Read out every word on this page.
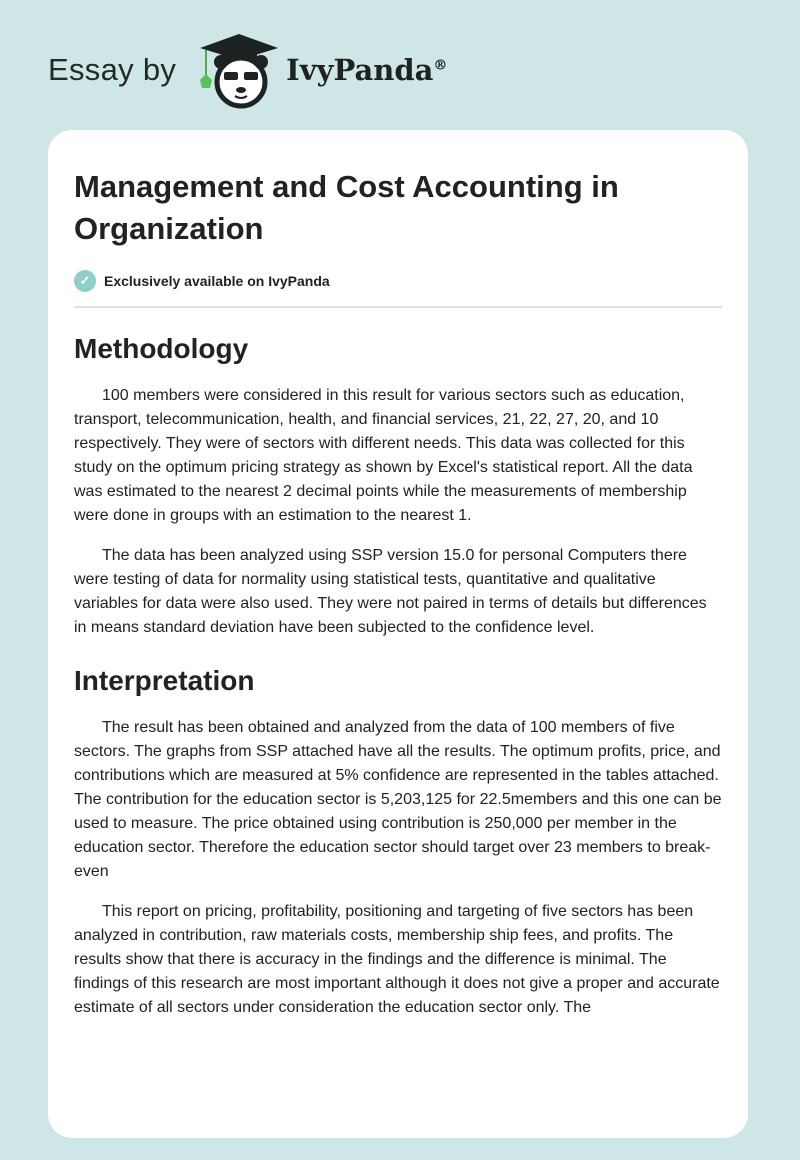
Essay by	IvyPanda®
Management and Cost Accounting in Organization
✓ Exclusively available on IvyPanda
Methodology

100 members were considered in this result for various sectors such as education, transport, telecommunication, health, and financial services, 21, 22, 27, 20, and 10 respectively. They were of sectors with different needs. This data was collected for this study on the optimum pricing strategy as shown by Excel's statistical report. All the data was estimated to the nearest 2 decimal points while the measurements of membership were done in groups with an estimation to the nearest 1.

The data has been analyzed using SSP version 15.0 for personal Computers there were testing of data for normality using statistical tests, quantitative and qualitative variables for data were also used. They were not paired in terms of details but differences in means standard deviation have been subjected to the confidence level.

Interpretation

The result has been obtained and analyzed from the data of 100 members of five sectors. The graphs from SSP attached have all the results. The optimum profits, price, and contributions which are measured at 5% confidence are represented in the tables attached. The contribution for the education sector is 5,203,125 for 22.5members and this one can be used to measure. The price obtained using contribution is 250,000 per member in the education sector. Therefore the education sector should target over 23 members to break-even

This report on pricing, profitability, positioning and targeting of five sectors has been analyzed in contribution, raw materials costs, membership ship fees, and profits. The results show that there is accuracy in the findings and the difference is minimal. The findings of this research are most important although it does not give a proper and accurate estimate of all sectors under consideration the education sector only. The
